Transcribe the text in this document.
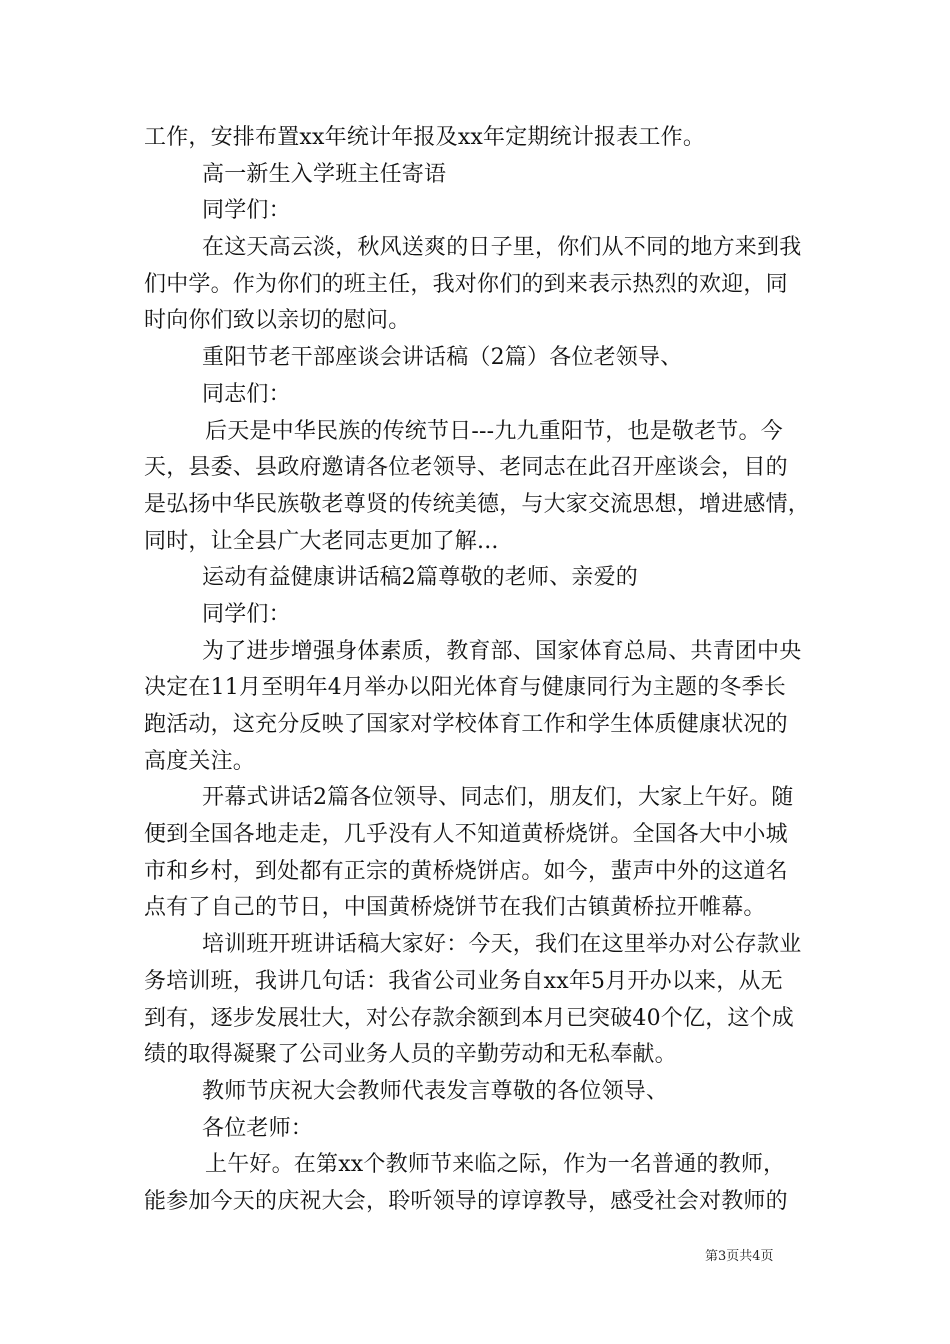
工作，安排布置xx年统计年报及xx年定期统计报表工作。
高一新生入学班主任寄语
同学们：
在这天高云淡，秋风送爽的日子里，你们从不同的地方来到我
们中学。作为你们的班主任，我对你们的到来表示热烈的欢迎，同
时向你们致以亲切的慰问。
重阳节老干部座谈会讲话稿（2篇）各位老领导、
同志们：
后天是中华民族的传统节日---九九重阳节，也是敬老节。今
天，县委、县政府邀请各位老领导、老同志在此召开座谈会，目的
是弘扬中华民族敬老尊贤的传统美德，与大家交流思想，增进感情，
同时，让全县广大老同志更加了解...
运动有益健康讲话稿2篇尊敬的老师、亲爱的
同学们：
为了进步增强身体素质，教育部、国家体育总局、共青团中央
决定在11月至明年4月举办以阳光体育与健康同行为主题的冬季长
跑活动，这充分反映了国家对学校体育工作和学生体质健康状况的
高度关注。
开幕式讲话2篇各位领导、同志们，朋友们，大家上午好。随
便到全国各地走走，几乎没有人不知道黄桥烧饼。全国各大中小城
市和乡村，到处都有正宗的黄桥烧饼店。如今，蜚声中外的这道名
点有了自己的节日，中国黄桥烧饼节在我们古镇黄桥拉开帷幕。
培训班开班讲话稿大家好：今天，我们在这里举办对公存款业
务培训班，我讲几句话：我省公司业务自xx年5月开办以来，从无
到有，逐步发展壮大，对公存款余额到本月已突破40个亿，这个成
绩的取得凝聚了公司业务人员的辛勤劳动和无私奉献。
教师节庆祝大会教师代表发言尊敬的各位领导、
各位老师：
上午好。在第xx个教师节来临之际，作为一名普通的教师，
能参加今天的庆祝大会，聆听领导的谆谆教导，感受社会对教师的
第3页共4页
